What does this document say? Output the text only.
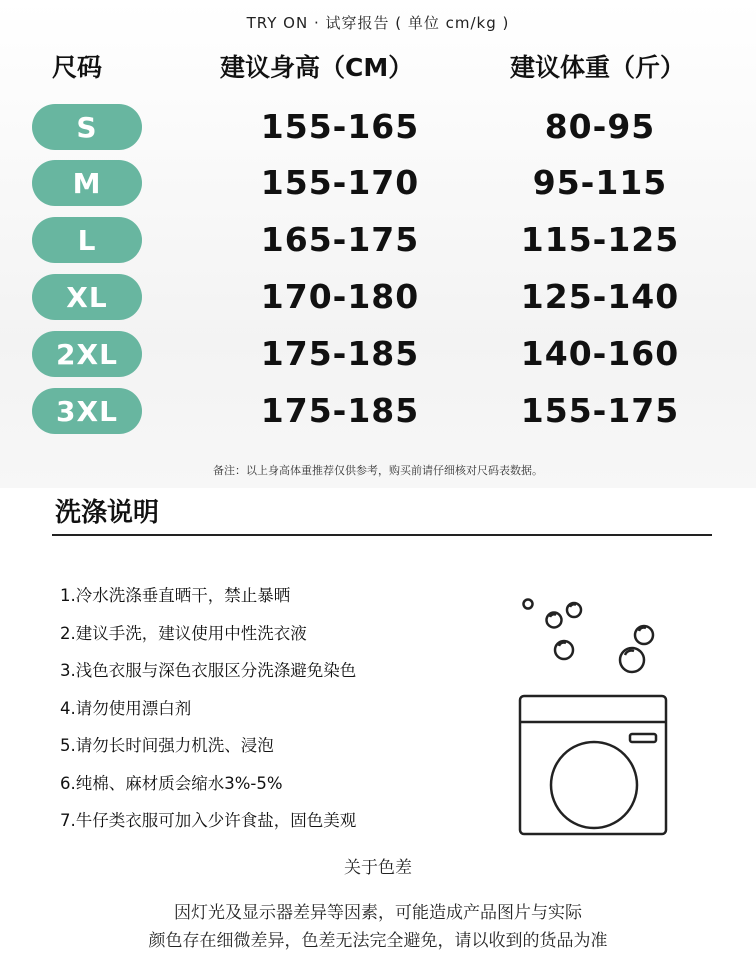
TRY ON · 试穿报告 ( 单位 cm/kg )
尺码	建议身高（CM）	建议体重（斤）
S	155-165	80-95
M	155-170	95-115
L	165-175	115-125
XL	170-180	125-140
2XL	175-185	140-160
3XL	175-185	155-175
备注：以上身高体重推荐仅供参考，购买前请仔细核对尺码表数据。
洗涤说明
1.冷水洗涤垂直晒干，禁止暴晒
2.建议手洗，建议使用中性洗衣液
3.浅色衣服与深色衣服区分洗涤避免染色
4.请勿使用漂白剂
5.请勿长时间强力机洗、浸泡
6.纯棉、麻材质会缩水3%-5%
7.牛仔类衣服可加入少许食盐，固色美观
关于色差
因灯光及显示器差异等因素，可能造成产品图片与实际
颜色存在细微差异，色差无法完全避免，请以收到的货品为准
